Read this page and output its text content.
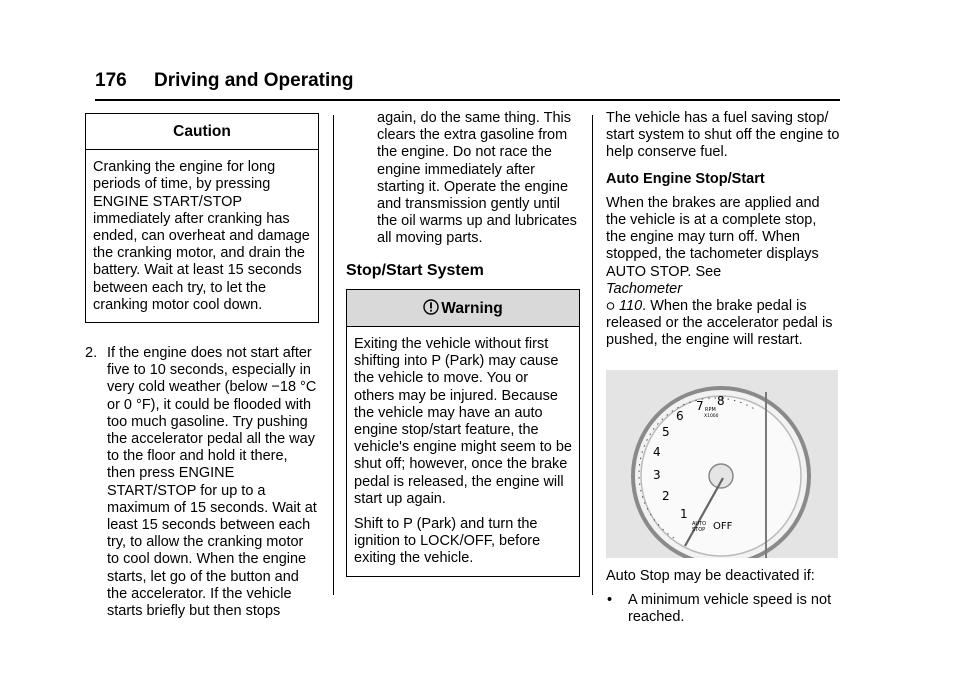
176 Driving and Operating
Caution

Cranking the engine for long periods of time, by pressing ENGINE START/STOP immediately after cranking has ended, can overheat and damage the cranking motor, and drain the battery. Wait at least 15 seconds between each try, to let the cranking motor cool down.

2. If the engine does not start after five to 10 seconds, especially in very cold weather (below −18 °C or 0 °F), it could be flooded with too much gasoline. Try pushing the accelerator pedal all the way to the floor and hold it there, then press ENGINE START/STOP for up to a maximum of 15 seconds. Wait at least 15 seconds between each try, to allow the cranking motor to cool down. When the engine starts, let go of the button and the accelerator. If the vehicle starts briefly but then stops

again, do the same thing. This clears the extra gasoline from the engine. Do not race the engine immediately after starting it. Operate the engine and transmission gently until the oil warms up and lubricates all moving parts.

Stop/Start System
Warning

Exiting the vehicle without first shifting into P (Park) may cause the vehicle to move. You or others may be injured. Because the vehicle may have an auto engine stop/start feature, the vehicle's engine might seem to be shut off; however, once the brake pedal is released, the engine will start up again.

Shift to P (Park) and turn the ignition to LOCK/OFF, before exiting the vehicle.

The vehicle has a fuel saving stop/ start system to shut off the engine to help conserve fuel.

Auto Engine Stop/Start

When the brakes are applied and the vehicle is at a complete stop, the engine may turn off. When stopped, the tachometer displays AUTO STOP. See
Tachometer
110. When the brake pedal is released or the accelerator pedal is pushed, the engine will restart.

1
2
3
4
5
6
7 8
RPM
X1000
AUTO
STOP OFF

Auto Stop may be deactivated if:

• A minimum vehicle speed is not reached.
